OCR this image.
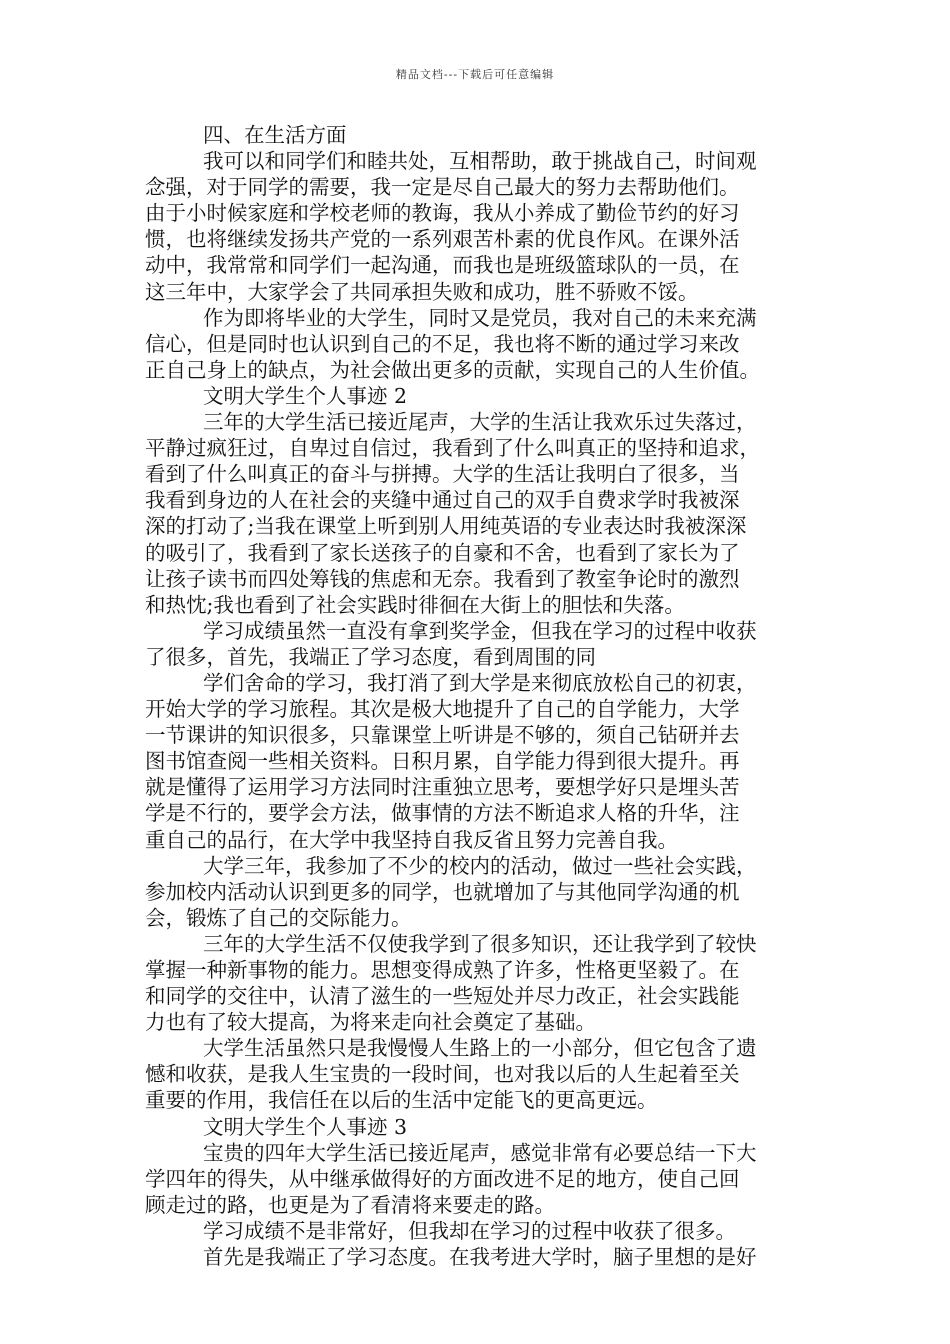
精品文档---下载后可任意编辑
四、在生活方面
我可以和同学们和睦共处，互相帮助，敢于挑战自己，时间观
念强，对于同学的需要，我一定是尽自己最大的努力去帮助他们。
由于小时候家庭和学校老师的教诲，我从小养成了勤俭节约的好习
惯，也将继续发扬共产党的一系列艰苦朴素的优良作风。在课外活
动中，我常常和同学们一起沟通，而我也是班级篮球队的一员，在
这三年中，大家学会了共同承担失败和成功，胜不骄败不馁。
作为即将毕业的大学生，同时又是党员，我对自己的未来充满
信心，但是同时也认识到自己的不足，我也将不断的通过学习来改
正自己身上的缺点，为社会做出更多的贡献，实现自己的人生价值。
文明大学生个人事迹 2
三年的大学生活已接近尾声，大学的生活让我欢乐过失落过，
平静过疯狂过，自卑过自信过，我看到了什么叫真正的坚持和追求，
看到了什么叫真正的奋斗与拼搏。大学的生活让我明白了很多，当
我看到身边的人在社会的夹缝中通过自己的双手自费求学时我被深
深的打动了;当我在课堂上听到别人用纯英语的专业表达时我被深深
的吸引了，我看到了家长送孩子的自豪和不舍，也看到了家长为了
让孩子读书而四处筹钱的焦虑和无奈。我看到了教室争论时的激烈
和热忱;我也看到了社会实践时徘徊在大街上的胆怯和失落。
学习成绩虽然一直没有拿到奖学金，但我在学习的过程中收获
了很多，首先，我端正了学习态度，看到周围的同
学们舍命的学习，我打消了到大学是来彻底放松自己的初衷，
开始大学的学习旅程。其次是极大地提升了自己的自学能力，大学
一节课讲的知识很多，只靠课堂上听讲是不够的，须自己钻研并去
图书馆查阅一些相关资料。日积月累，自学能力得到很大提升。再
就是懂得了运用学习方法同时注重独立思考，要想学好只是埋头苦
学是不行的，要学会方法，做事情的方法不断追求人格的升华，注
重自己的品行，在大学中我坚持自我反省且努力完善自我。
大学三年，我参加了不少的校内的活动，做过一些社会实践，
参加校内活动认识到更多的同学，也就增加了与其他同学沟通的机
会，锻炼了自己的交际能力。
三年的大学生活不仅使我学到了很多知识，还让我学到了较快
掌握一种新事物的能力。思想变得成熟了许多，性格更坚毅了。在
和同学的交往中，认清了滋生的一些短处并尽力改正，社会实践能
力也有了较大提高，为将来走向社会奠定了基础。
大学生活虽然只是我慢慢人生路上的一小部分，但它包含了遗
憾和收获，是我人生宝贵的一段时间，也对我以后的人生起着至关
重要的作用，我信任在以后的生活中定能飞的更高更远。
文明大学生个人事迹 3
宝贵的四年大学生活已接近尾声，感觉非常有必要总结一下大
学四年的得失，从中继承做得好的方面改进不足的地方，使自己回
顾走过的路，也更是为了看清将来要走的路。
学习成绩不是非常好，但我却在学习的过程中收获了很多。
首先是我端正了学习态度。在我考进大学时，脑子里想的是好
